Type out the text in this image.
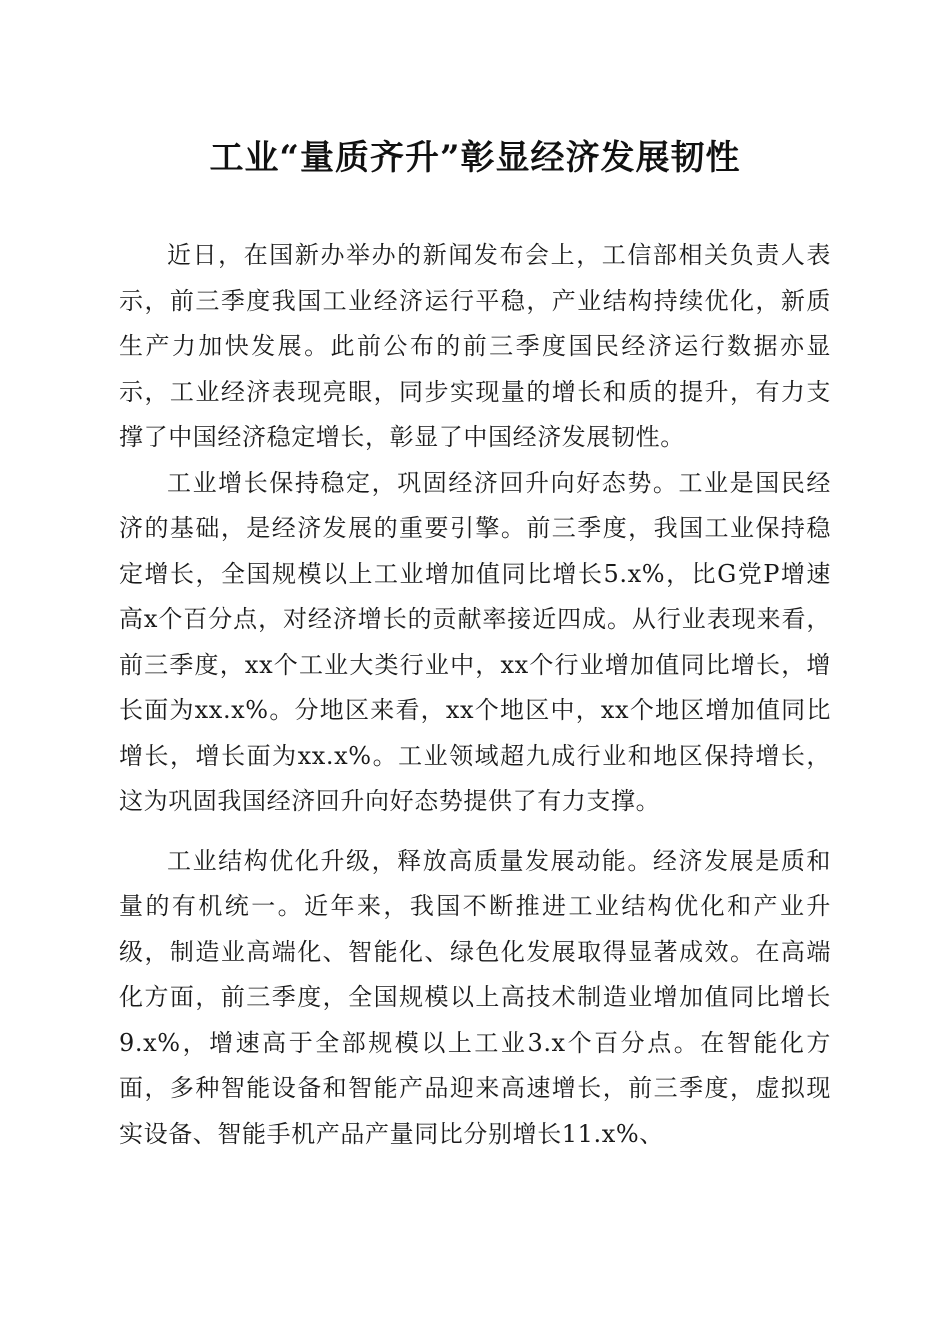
工业“量质齐升”彰显经济发展韧性

近日，在国新办举办的新闻发布会上，工信部相关负责人表示，前三季度我国工业经济运行平稳，产业结构持续优化，新质生产力加快发展。此前公布的前三季度国民经济运行数据亦显示，工业经济表现亮眼，同步实现量的增长和质的提升，有力支撑了中国经济稳定增长，彰显了中国经济发展韧性。

工业增长保持稳定，巩固经济回升向好态势。工业是国民经济的基础，是经济发展的重要引擎。前三季度，我国工业保持稳定增长，全国规模以上工业增加值同比增长5.x%，比G党P增速高x个百分点，对经济增长的贡献率接近四成。从行业表现来看，前三季度，xx个工业大类行业中，xx个行业增加值同比增长，增长面为xx.x%。分地区来看，xx个地区中，xx个地区增加值同比增长，增长面为xx.x%。工业领域超九成行业和地区保持增长，这为巩固我国经济回升向好态势提供了有力支撑。

工业结构优化升级，释放高质量发展动能。经济发展是质和量的有机统一。近年来，我国不断推进工业结构优化和产业升级，制造业高端化、智能化、绿色化发展取得显著成效。在高端化方面，前三季度，全国规模以上高技术制造业增加值同比增长9.x%，增速高于全部规模以上工业3.x个百分点。在智能化方面，多种智能设备和智能产品迎来高速增长，前三季度，虚拟现实设备、智能手机产品产量同比分别增长11.x%、
